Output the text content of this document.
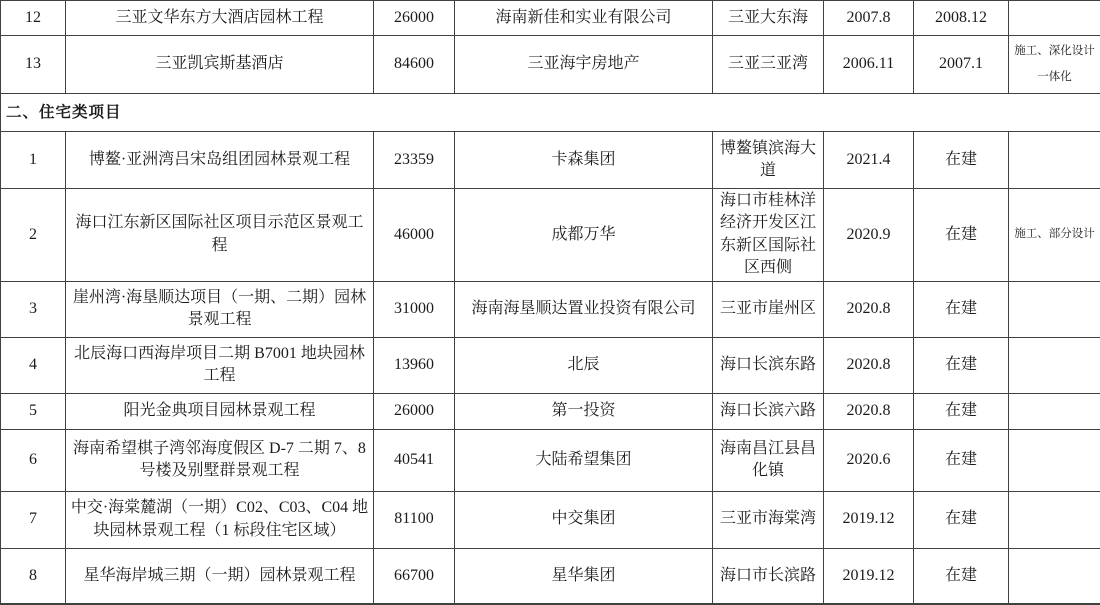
12	三亚文华东方大酒店园林工程	26000	海南新佳和实业有限公司	三亚大东海	2007.8	2008.12	
13	三亚凯宾斯基酒店	84600	三亚海宇房地产	三亚三亚湾	2006.11	2007.1	施工、深化设计一体化
二、住宅类项目							
1	博鳌·亚洲湾吕宋岛组团园林景观工程	23359	卡森集团	博鳌镇滨海大道	2021.4	在建	
2	海口江东新区国际社区项目示范区景观工程	46000	成都万华	海口市桂林洋经济开发区江东新区国际社区西侧	2020.9	在建	施工、部分设计
3	崖州湾·海垦顺达项目（一期、二期）园林景观工程	31000	海南海垦顺达置业投资有限公司	三亚市崖州区	2020.8	在建	
4	北辰海口西海岸项目二期 B7001 地块园林工程	13960	北辰	海口长滨东路	2020.8	在建	
5	阳光金典项目园林景观工程	26000	第一投资	海口长滨六路	2020.8	在建	
6	海南希望棋子湾邻海度假区 D-7 二期 7、8 号楼及别墅群景观工程	40541	大陆希望集团	海南昌江县昌化镇	2020.6	在建	
7	中交·海棠麓湖（一期）C02、C03、C04 地块园林景观工程（1 标段住宅区域）	81100	中交集团	三亚市海棠湾	2019.12	在建	
8	星华海岸城三期（一期）园林景观工程	66700	星华集团	海口市长滨路	2019.12	在建	
